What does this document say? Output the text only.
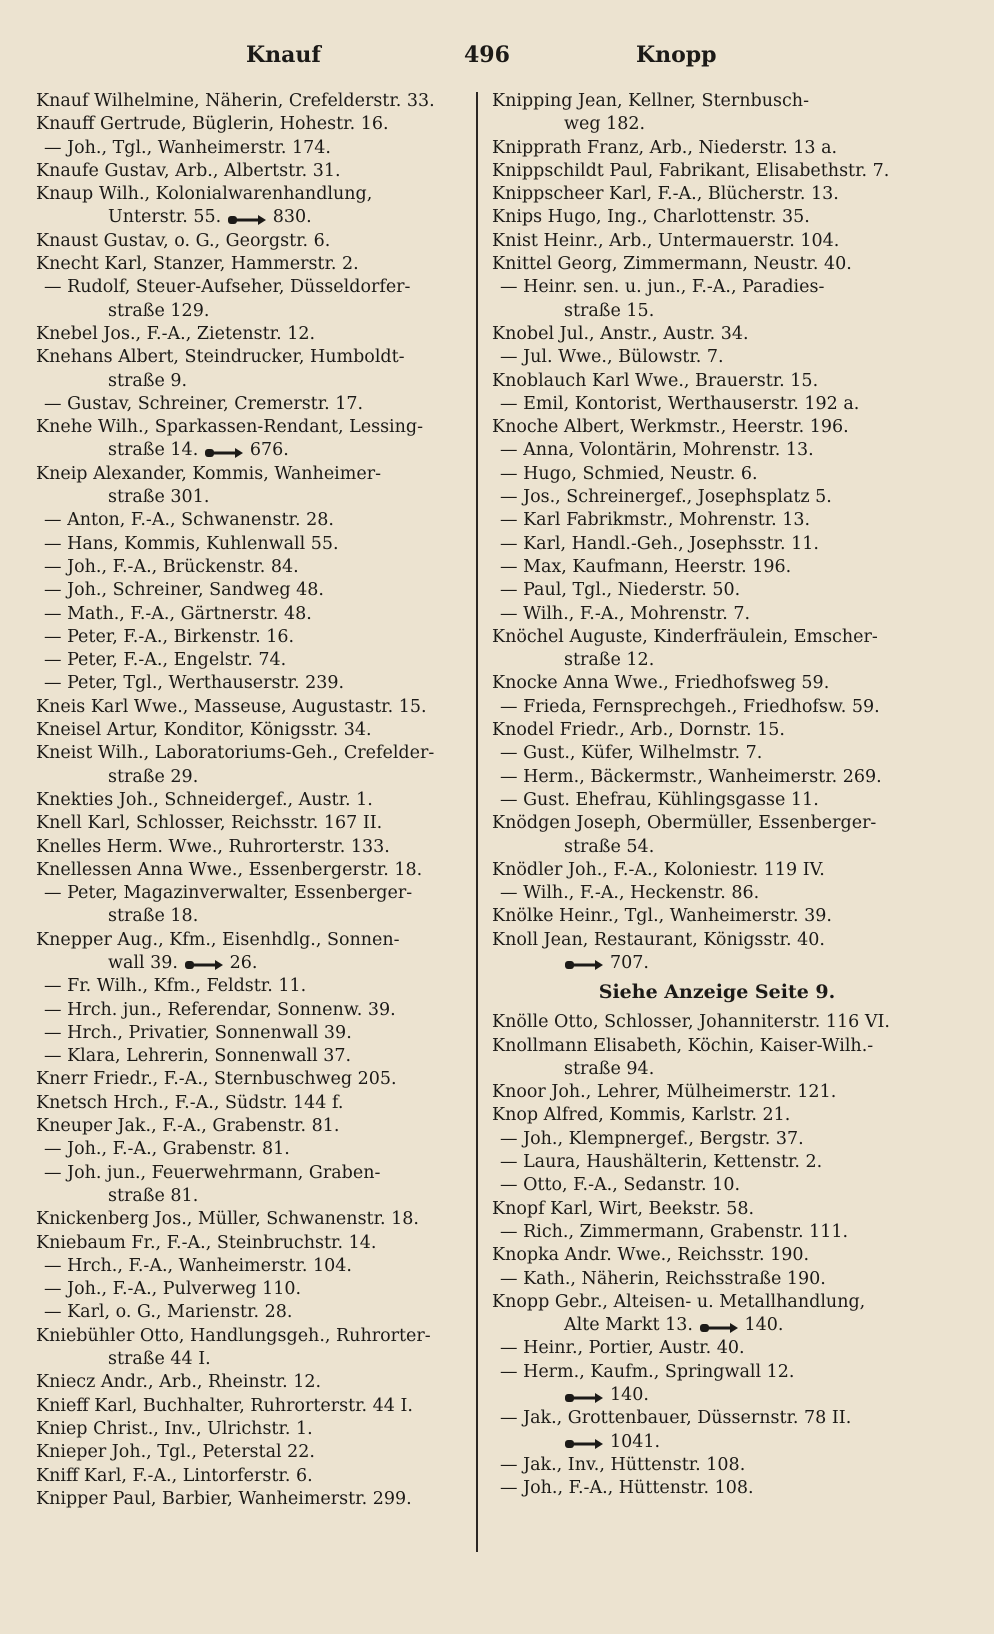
Knauf	496	Knopp
Knauf Wilhelmine, Näherin, Crefelderstr. 33.
Knauff Gertrude, Büglerin, Hohestr. 16.
— Joh., Tgl., Wanheimerstr. 174.
Knaufe Gustav, Arb., Albertstr. 31.
Knaup Wilh., Kolonialwarenhandlung,
Unterstr. 55.	830.
Knaust Gustav, o. G., Georgstr. 6.
Knecht Karl, Stanzer, Hammerstr. 2.
— Rudolf, Steuer-Aufseher, Düsseldorfer-
straße 129.
Knebel Jos., F.-A., Zietenstr. 12.
Knehans Albert, Steindrucker, Humboldt-
straße 9.
— Gustav, Schreiner, Cremerstr. 17.
Knehe Wilh., Sparkassen-Rendant, Lessing-
straße 14.	676.
Kneip Alexander, Kommis, Wanheimer-
straße 301.
— Anton, F.-A., Schwanenstr. 28.
— Hans, Kommis, Kuhlenwall 55.
— Joh., F.-A., Brückenstr. 84.
— Joh., Schreiner, Sandweg 48.
— Math., F.-A., Gärtnerstr. 48.
— Peter, F.-A., Birkenstr. 16.
— Peter, F.-A., Engelstr. 74.
— Peter, Tgl., Werthauserstr. 239.
Kneis Karl Wwe., Masseuse, Augustastr. 15.
Kneisel Artur, Konditor, Königsstr. 34.
Kneist Wilh., Laboratoriums-Geh., Crefelder-
straße 29.
Knekties Joh., Schneidergef., Austr. 1.
Knell Karl, Schlosser, Reichsstr. 167 II.
Knelles Herm. Wwe., Ruhrorterstr. 133.
Knellessen Anna Wwe., Essenbergerstr. 18.
— Peter, Magazinverwalter, Essenberger-
straße 18.
Knepper Aug., Kfm., Eisenhdlg., Sonnen-
wall 39.	26.
— Fr. Wilh., Kfm., Feldstr. 11.
— Hrch. jun., Referendar, Sonnenw. 39.
— Hrch., Privatier, Sonnenwall 39.
— Klara, Lehrerin, Sonnenwall 37.
Knerr Friedr., F.-A., Sternbuschweg 205.
Knetsch Hrch., F.-A., Südstr. 144 f.
Kneuper Jak., F.-A., Grabenstr. 81.
— Joh., F.-A., Grabenstr. 81.
— Joh. jun., Feuerwehrmann, Graben-
straße 81.
Knickenberg Jos., Müller, Schwanenstr. 18.
Kniebaum Fr., F.-A., Steinbruchstr. 14.
— Hrch., F.-A., Wanheimerstr. 104.
— Joh., F.-A., Pulverweg 110.
— Karl, o. G., Marienstr. 28.
Kniebühler Otto, Handlungsgeh., Ruhrorter-
straße 44 I.
Kniecz Andr., Arb., Rheinstr. 12.
Knieff Karl, Buchhalter, Ruhrorterstr. 44 I.
Kniep Christ., Inv., Ulrichstr. 1.
Knieper Joh., Tgl., Peterstal 22.
Kniff Karl, F.-A., Lintorferstr. 6.
Knipper Paul, Barbier, Wanheimerstr. 299.
Knipping Jean, Kellner, Sternbusch-
weg 182.
Knipprath Franz, Arb., Niederstr. 13 a.
Knippschildt Paul, Fabrikant, Elisabethstr. 7.
Knippscheer Karl, F.-A., Blücherstr. 13.
Knips Hugo, Ing., Charlottenstr. 35.
Knist Heinr., Arb., Untermauerstr. 104.
Knittel Georg, Zimmermann, Neustr. 40.
— Heinr. sen. u. jun., F.-A., Paradies-
straße 15.
Knobel Jul., Anstr., Austr. 34.
— Jul. Wwe., Bülowstr. 7.
Knoblauch Karl Wwe., Brauerstr. 15.
— Emil, Kontorist, Werthauserstr. 192 a.
Knoche Albert, Werkmstr., Heerstr. 196.
— Anna, Volontärin, Mohrenstr. 13.
— Hugo, Schmied, Neustr. 6.
— Jos., Schreinergef., Josephsplatz 5.
— Karl Fabrikmstr., Mohrenstr. 13.
— Karl, Handl.-Geh., Josephsstr. 11.
— Max, Kaufmann, Heerstr. 196.
— Paul, Tgl., Niederstr. 50.
— Wilh., F.-A., Mohrenstr. 7.
Knöchel Auguste, Kinderfräulein, Emscher-
straße 12.
Knocke Anna Wwe., Friedhofsweg 59.
— Frieda, Fernsprechgeh., Friedhofsw. 59.
Knodel Friedr., Arb., Dornstr. 15.
— Gust., Küfer, Wilhelmstr. 7.
— Herm., Bäckermstr., Wanheimerstr. 269.
— Gust. Ehefrau, Kühlingsgasse 11.
Knödgen Joseph, Obermüller, Essenberger-
straße 54.
Knödler Joh., F.-A., Koloniestr. 119 IV.
— Wilh., F.-A., Heckenstr. 86.
Knölke Heinr., Tgl., Wanheimerstr. 39.
Knoll Jean, Restaurant, Königsstr. 40.
707.
Siehe Anzeige Seite 9.
Knölle Otto, Schlosser, Johanniterstr. 116 VI.
Knollmann Elisabeth, Köchin, Kaiser-Wilh.-
straße 94.
Knoor Joh., Lehrer, Mülheimerstr. 121.
Knop Alfred, Kommis, Karlstr. 21.
— Joh., Klempnergef., Bergstr. 37.
— Laura, Haushälterin, Kettenstr. 2.
— Otto, F.-A., Sedanstr. 10.
Knopf Karl, Wirt, Beekstr. 58.
— Rich., Zimmermann, Grabenstr. 111.
Knopka Andr. Wwe., Reichsstr. 190.
— Kath., Näherin, Reichsstraße 190.
Knopp Gebr., Alteisen- u. Metallhandlung,
Alte Markt 13.	140.
— Heinr., Portier, Austr. 40.
— Herm., Kaufm., Springwall 12.
140.
— Jak., Grottenbauer, Düssernstr. 78 II.
1041.
— Jak., Inv., Hüttenstr. 108.
— Joh., F.-A., Hüttenstr. 108.
